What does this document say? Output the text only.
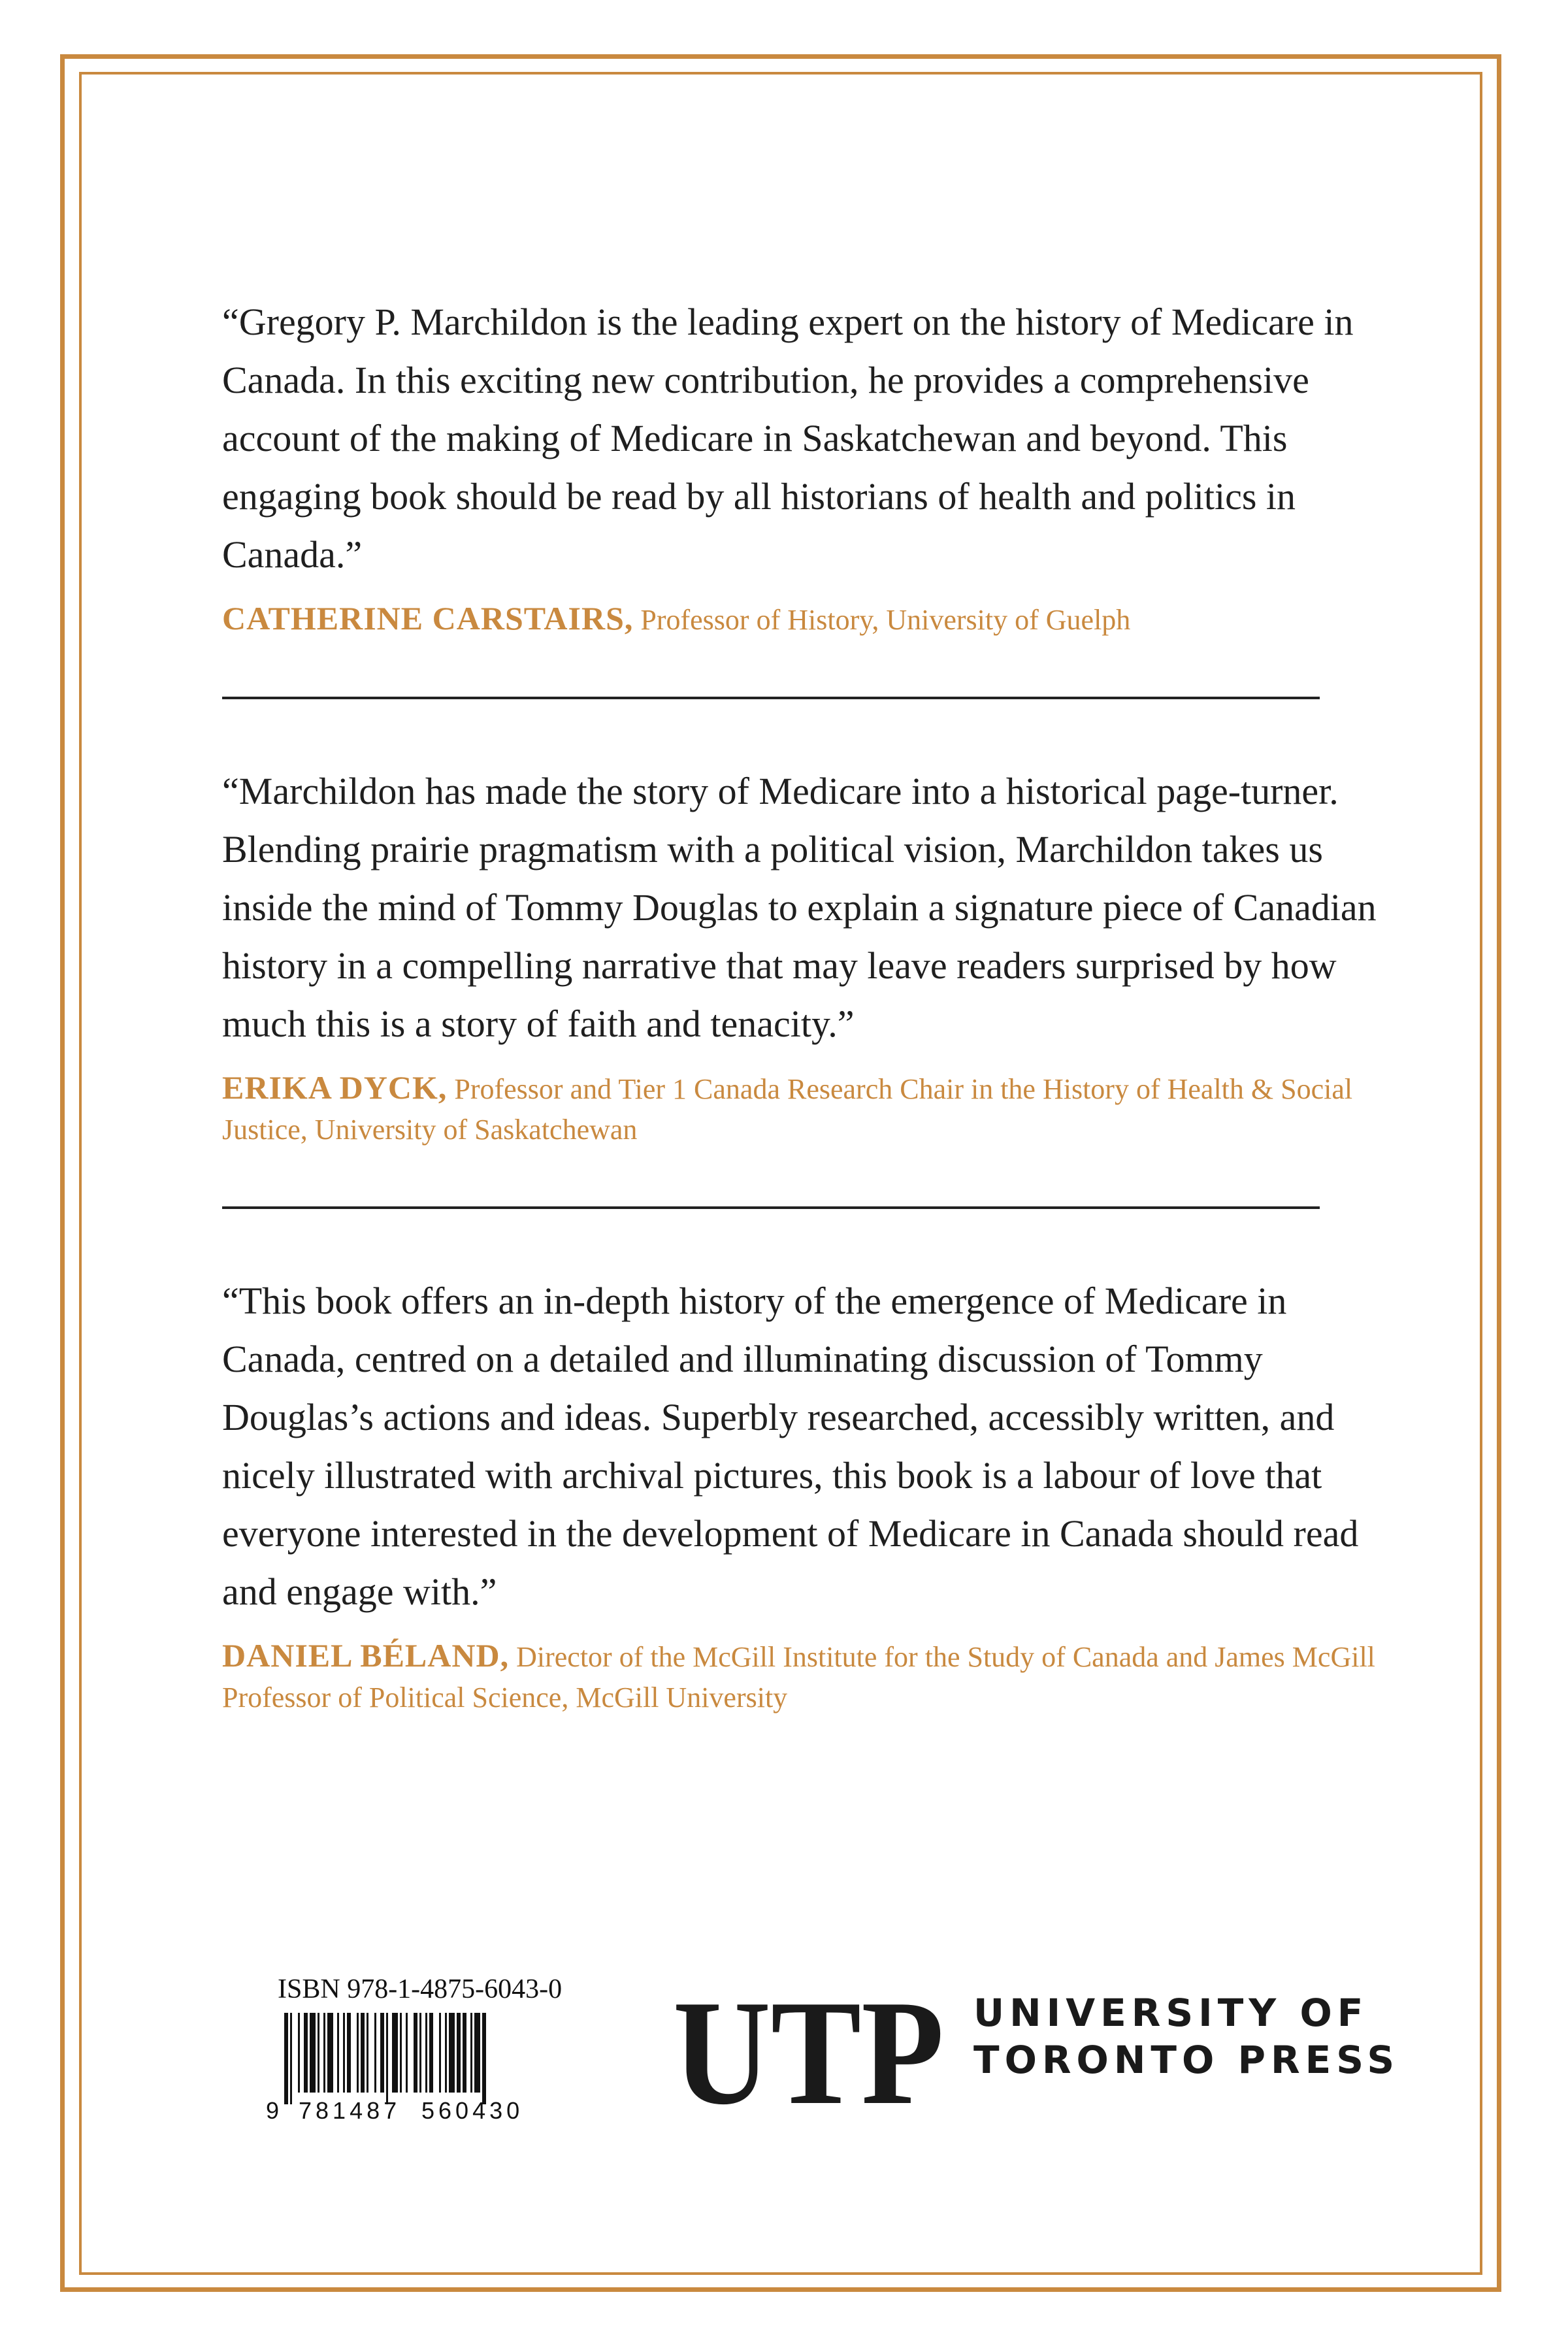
“Gregory P. Marchildon is the leading expert on the history of Medicare in Canada. In this exciting new contribution, he provides a comprehensive account of the making of Medicare in Saskatchewan and beyond. This engaging book should be read by all historians of health and politics in Canada.”

CATHERINE CARSTAIRS, Professor of History, University of Guelph

“Marchildon has made the story of Medicare into a historical page-turner. Blending prairie pragmatism with a political vision, Marchildon takes us inside the mind of Tommy Douglas to explain a signature piece of Canadian history in a compelling narrative that may leave readers surprised by how much this is a story of faith and tenacity.”

ERIKA DYCK, Professor and Tier 1 Canada Research Chair in the History of Health & Social Justice, University of Saskatchewan

“This book offers an in-depth history of the emergence of Medicare in Canada, centred on a detailed and illuminating discussion of Tommy Douglas’s actions and ideas. Superbly researched, accessibly written, and nicely illustrated with archival pictures, this book is a labour of love that everyone interested in the development of Medicare in Canada should read and engage with.”

DANIEL BÉLAND, Director of the McGill Institute for the Study of Canada and James McGill Professor of Political Science, McGill University

ISBN 978-1-4875-6043-0
9 781487 560430 UTP UNIVERSITY OF
TORONTO PRESS
